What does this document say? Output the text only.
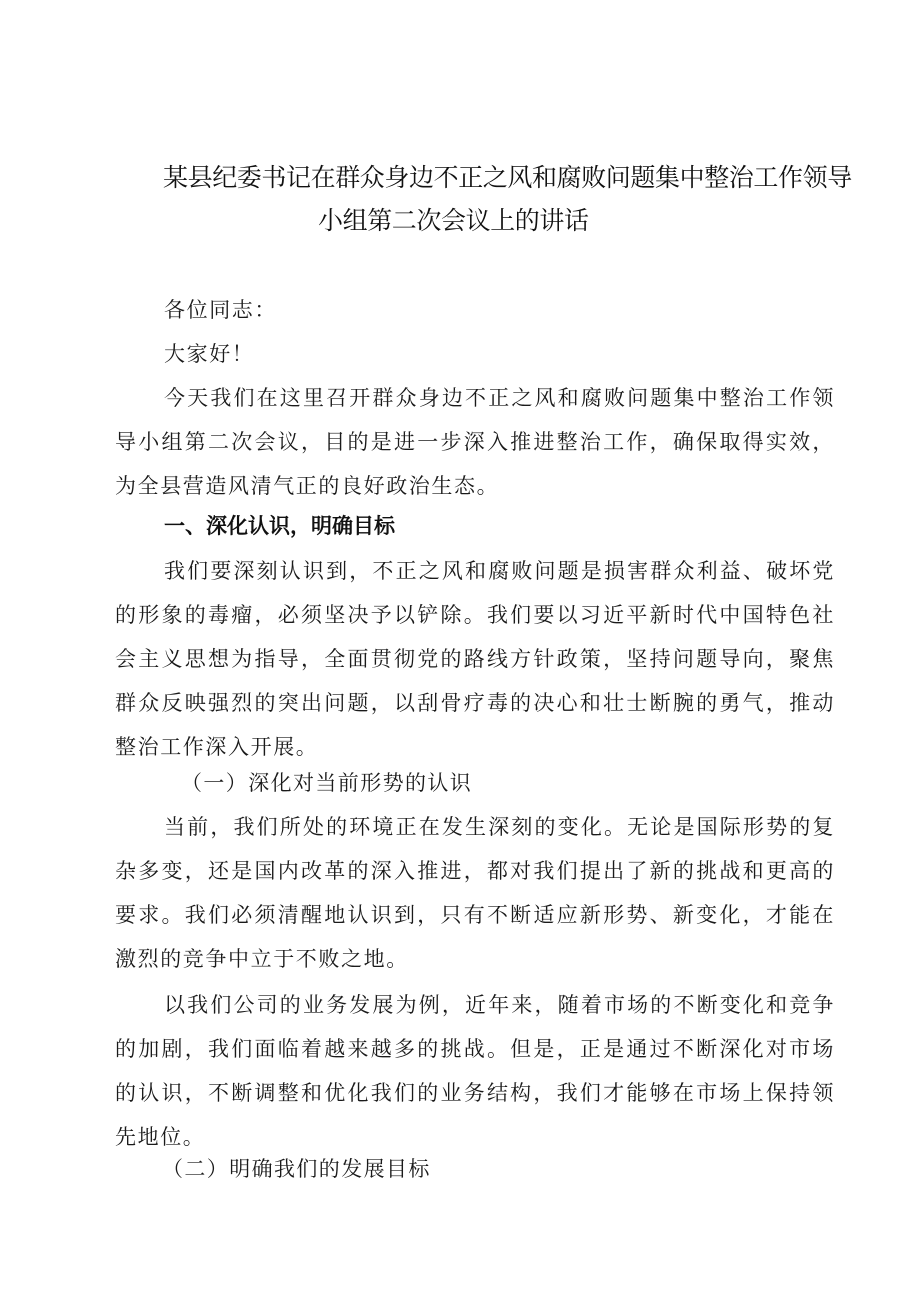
某县纪委书记在群众身边不正之风和腐败问题集中整治工作领导
小组第二次会议上的讲话
各位同志：
大家好！
今天我们在这里召开群众身边不正之风和腐败问题集中整治工作领导小组第二次会议，目的是进一步深入推进整治工作，确保取得实效，为全县营造风清气正的良好政治生态。
一、深化认识，明确目标
我们要深刻认识到，不正之风和腐败问题是损害群众利益、破坏党的形象的毒瘤，必须坚决予以铲除。我们要以习近平新时代中国特色社会主义思想为指导，全面贯彻党的路线方针政策，坚持问题导向，聚焦群众反映强烈的突出问题，以刮骨疗毒的决心和壮士断腕的勇气，推动整治工作深入开展。
（一）深化对当前形势的认识
当前，我们所处的环境正在发生深刻的变化。无论是国际形势的复杂多变，还是国内改革的深入推进，都对我们提出了新的挑战和更高的要求。我们必须清醒地认识到，只有不断适应新形势、新变化，才能在激烈的竞争中立于不败之地。
以我们公司的业务发展为例，近年来，随着市场的不断变化和竞争的加剧，我们面临着越来越多的挑战。但是，正是通过不断深化对市场的认识，不断调整和优化我们的业务结构，我们才能够在市场上保持领先地位。
（二）明确我们的发展目标
